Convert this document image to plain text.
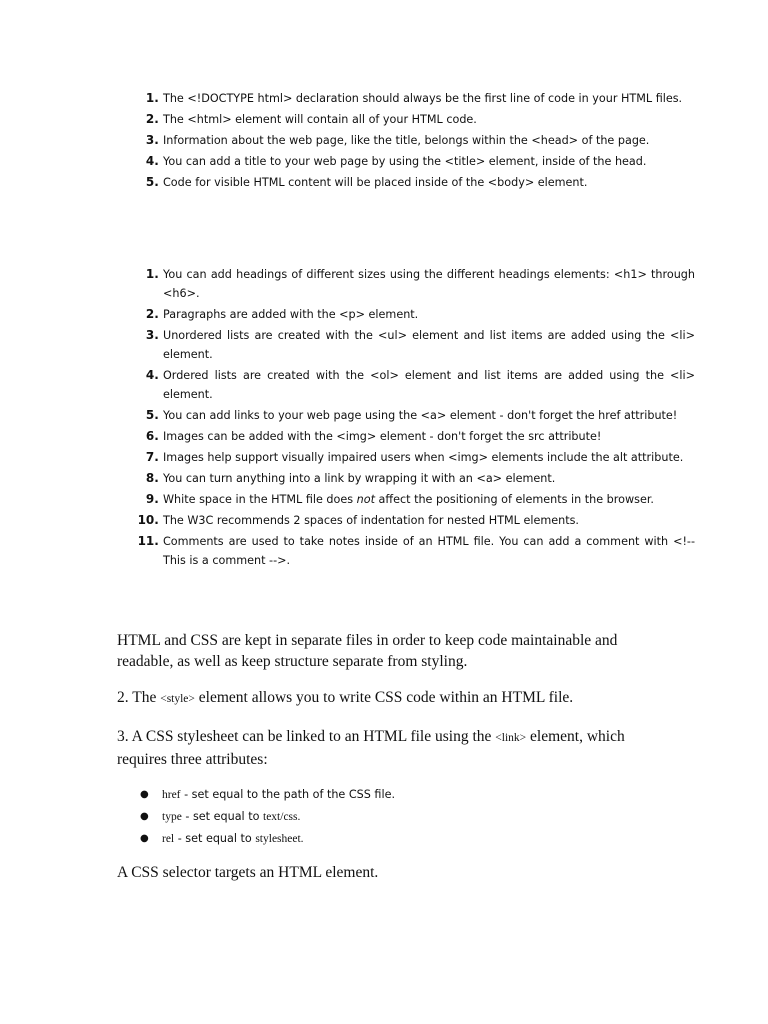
1. The <!DOCTYPE html> declaration should always be the first line of code in your HTML files.
2. The <html> element will contain all of your HTML code.
3. Information about the web page, like the title, belongs within the <head> of the page.
4. You can add a title to your web page by using the <title> element, inside of the head.
5. Code for visible HTML content will be placed inside of the <body> element.
1. You can add headings of different sizes using the different headings elements: <h1> through <h6>.
2. Paragraphs are added with the <p> element.
3. Unordered lists are created with the <ul> element and list items are added using the <li> element.
4. Ordered lists are created with the <ol> element and list items are added using the <li> element.
5. You can add links to your web page using the <a> element - don't forget the href attribute!
6. Images can be added with the <img> element - don't forget the src attribute!
7. Images help support visually impaired users when <img> elements include the alt attribute.
8. You can turn anything into a link by wrapping it with an <a> element.
9. White space in the HTML file does not affect the positioning of elements in the browser.
10. The W3C recommends 2 spaces of indentation for nested HTML elements.
11. Comments are used to take notes inside of an HTML file. You can add a comment with <!-- This is a comment -->.

HTML and CSS are kept in separate files in order to keep code maintainable and readable, as well as keep structure separate from styling.

2. The <style> element allows you to write CSS code within an HTML file.

3. A CSS stylesheet can be linked to an HTML file using the <link> element, which requires three attributes:

● href - set equal to the path of the CSS file.
● type - set equal to text/css.
● rel - set equal to stylesheet.

A CSS selector targets an HTML element.
